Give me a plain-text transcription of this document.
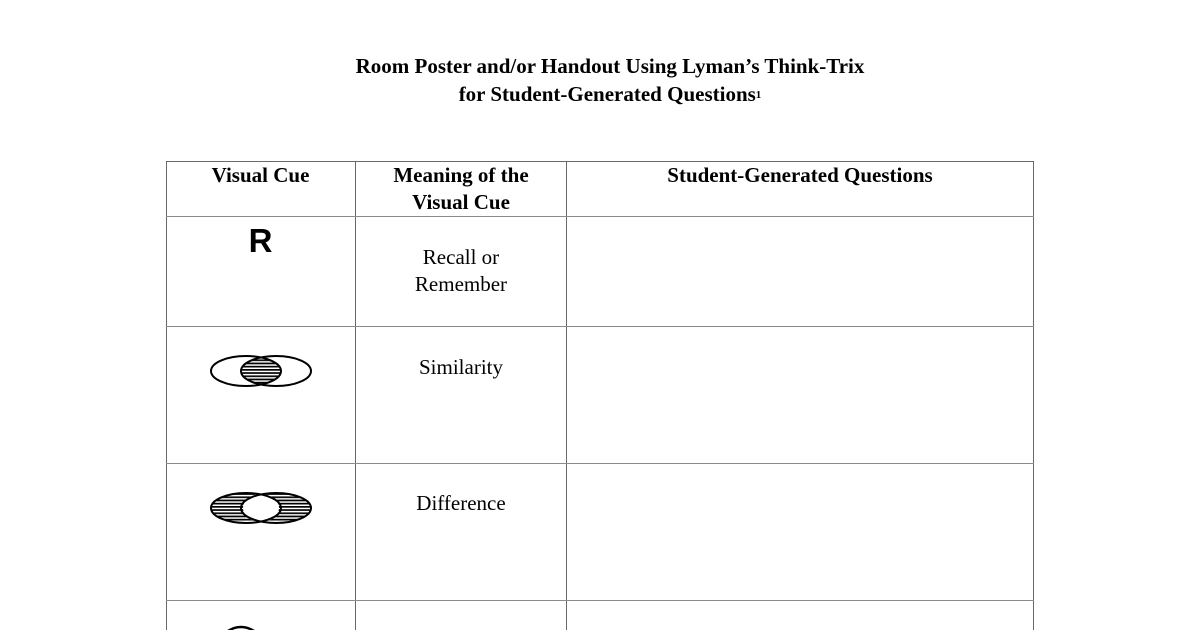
Room Poster and/or Handout Using Lyman’s Think-Trix
for Student-Generated Questions$^1$
Visual Cue	Meaning of the
Visual Cue
Student-Generated Questions
R	Recall or
Remember
Similarity
Difference
